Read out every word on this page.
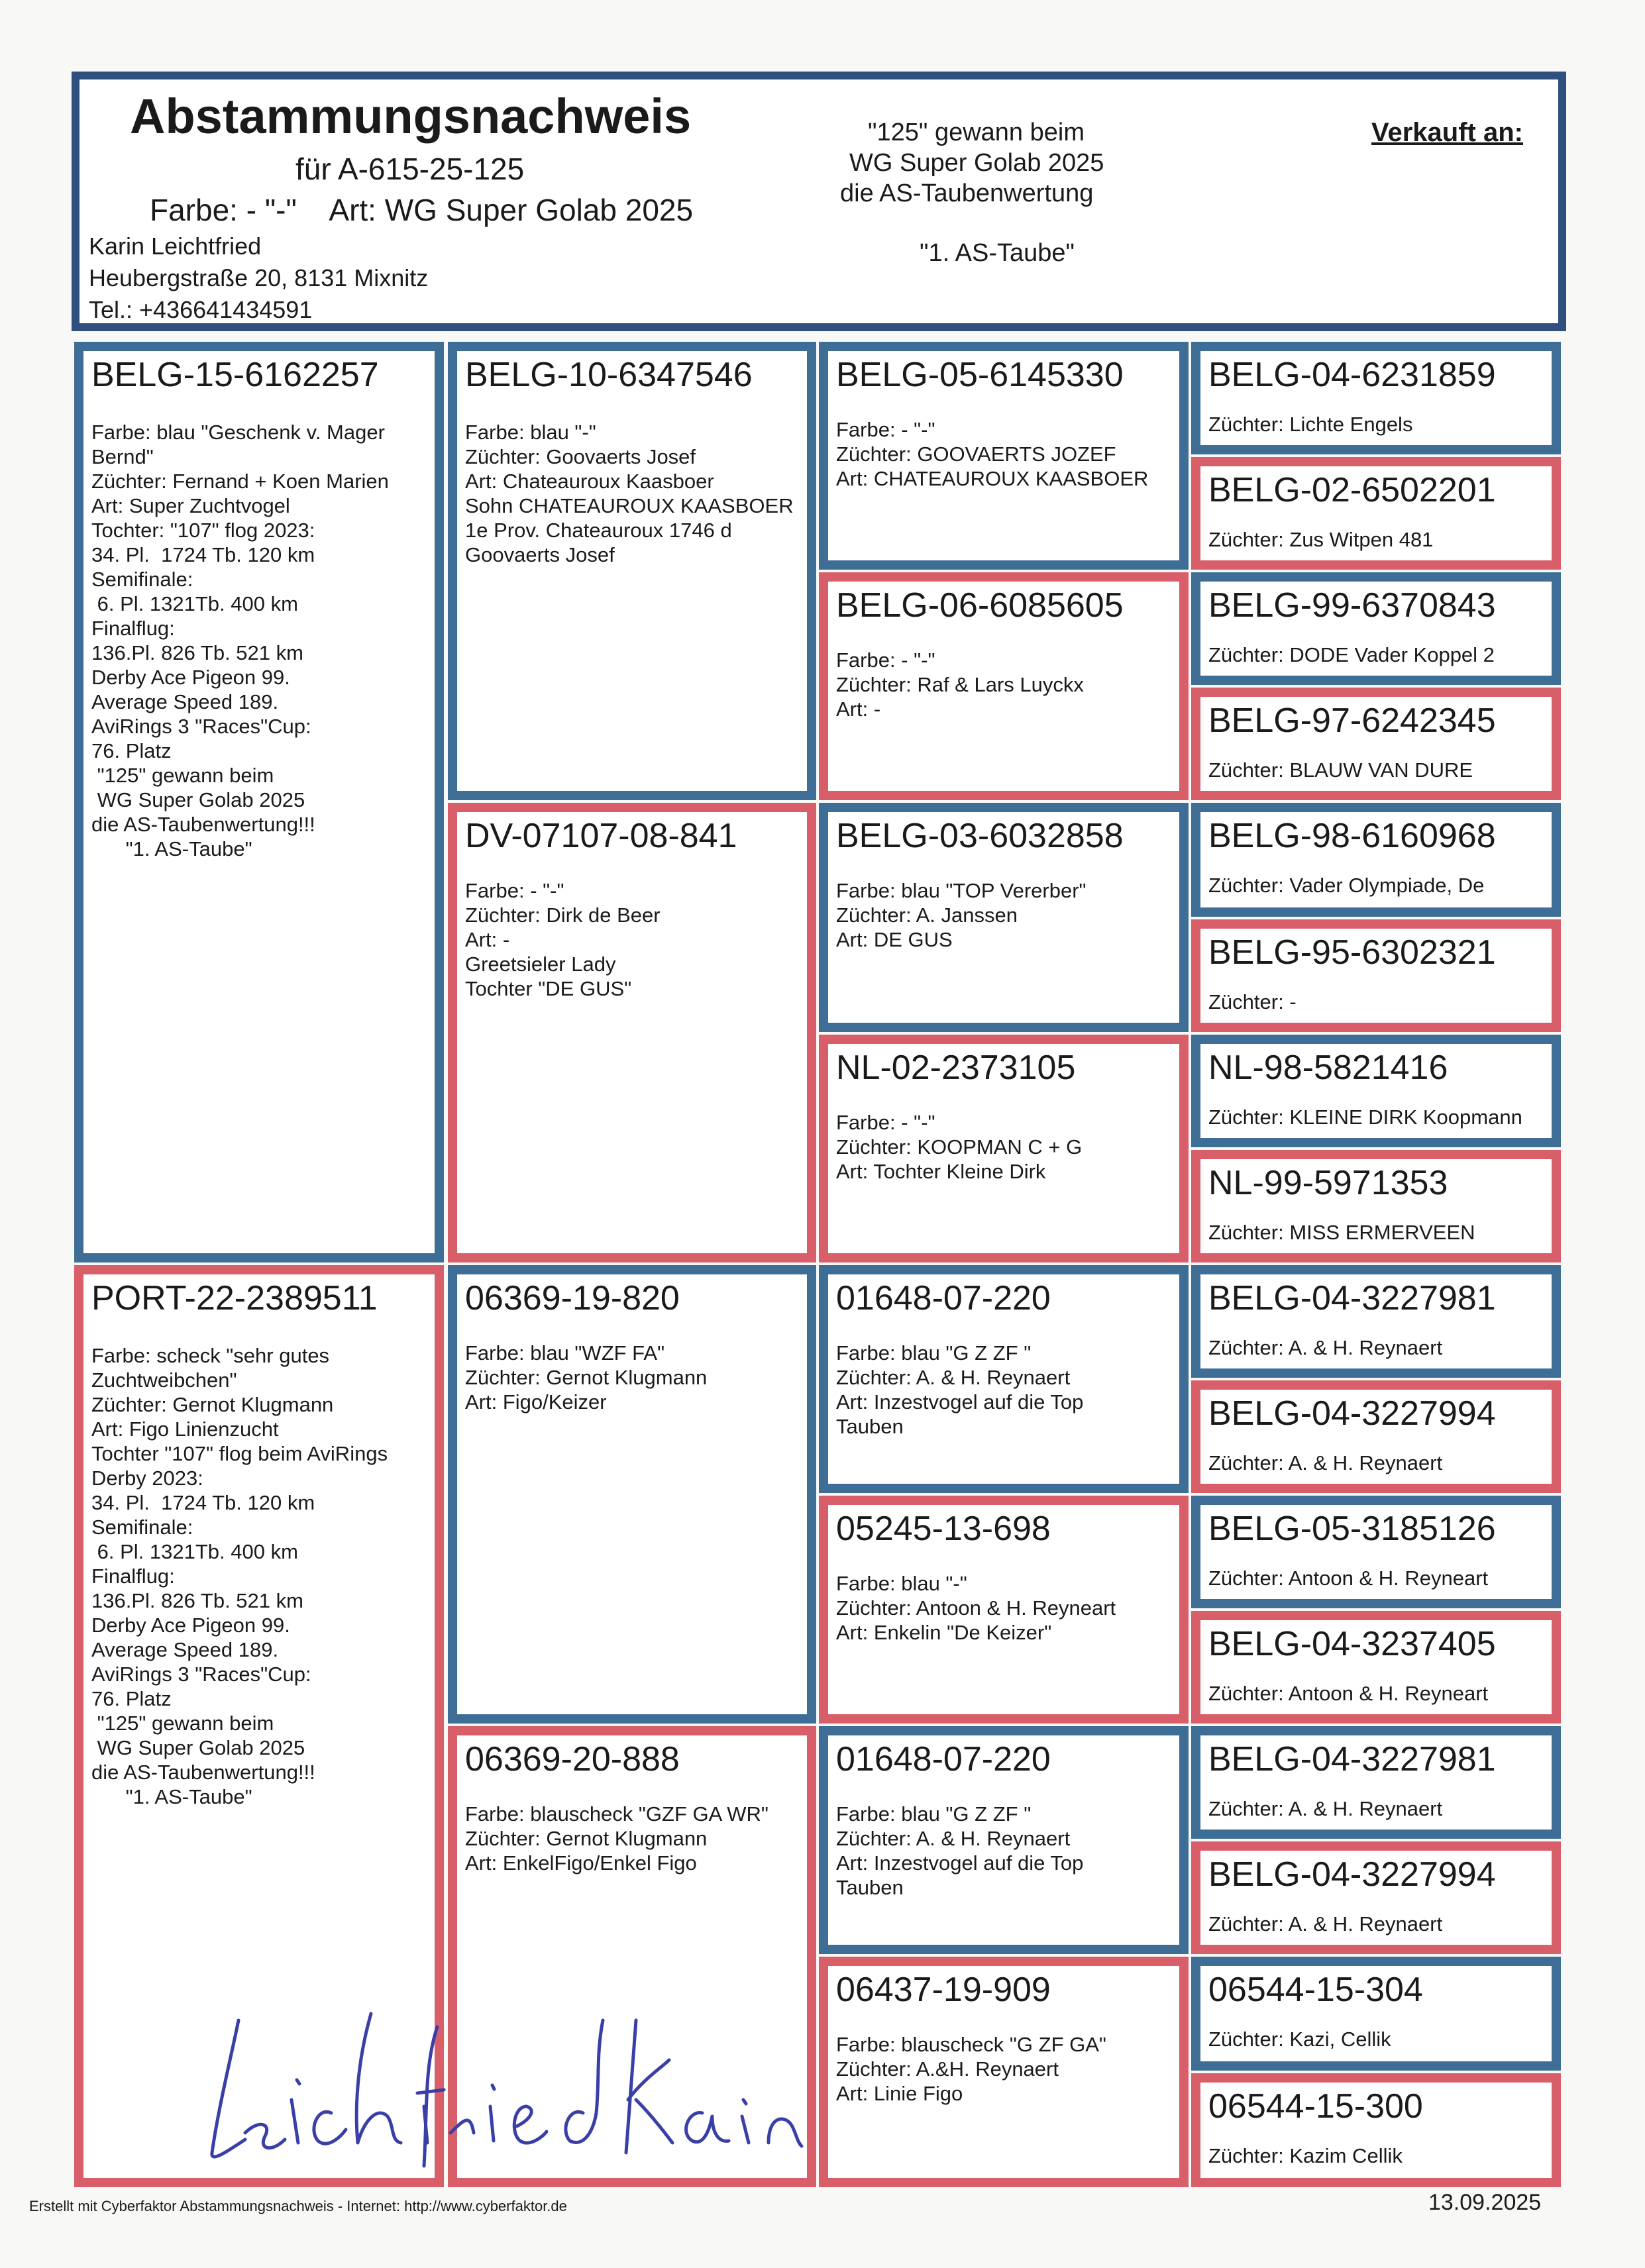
Abstammungsnachweis
für A-615-25-125
Farbe: - "-"    Art: WG Super Golab 2025
Karin Leichtfried
Heubergstraße 20, 8131 Mixnitz
Tel.: +436641434591
"125" gewann beim
WG Super Golab 2025
die AS-Taubenwertung
"1. AS-Taube"
Verkauft an:
BELG-15-6162257
Farbe: blau "Geschenk v. Mager
Bernd"
Züchter: Fernand + Koen Marien
Art: Super Zuchtvogel
Tochter: "107" flog 2023:
34. Pl.  1724 Tb. 120 km
Semifinale:
6. Pl. 1321Tb. 400 km
Finalflug:
136.Pl. 826 Tb. 521 km
Derby Ace Pigeon 99.
Average Speed 189.
AviRings 3 "Races"Cup:
76. Platz
"125" gewann beim
WG Super Golab 2025
die AS-Taubenwertung!!!
"1. AS-Taube"
PORT-22-2389511
Farbe: scheck "sehr gutes
Zuchtweibchen"
Züchter: Gernot Klugmann
Art: Figo Linienzucht
Tochter "107" flog beim AviRings
Derby 2023:
34. Pl.  1724 Tb. 120 km
Semifinale:
6. Pl. 1321Tb. 400 km
Finalflug:
136.Pl. 826 Tb. 521 km
Derby Ace Pigeon 99.
Average Speed 189.
AviRings 3 "Races"Cup:
76. Platz
"125" gewann beim
WG Super Golab 2025
die AS-Taubenwertung!!!
"1. AS-Taube"
BELG-10-6347546
Farbe: blau "-"
Züchter: Goovaerts Josef
Art: Chateauroux Kaasboer
Sohn CHATEAUROUX KAASBOER
1e Prov. Chateauroux 1746 d
Goovaerts Josef
DV-07107-08-841
Farbe: - "-"
Züchter: Dirk de Beer
Art: -
Greetsieler Lady
Tochter "DE GUS"
06369-19-820
Farbe: blau "WZF FA"
Züchter: Gernot Klugmann
Art: Figo/Keizer
06369-20-888
Farbe: blauscheck "GZF GA WR"
Züchter: Gernot Klugmann
Art: EnkelFigo/Enkel Figo
BELG-05-6145330
Farbe: - "-"
Züchter: GOOVAERTS JOZEF
Art: CHATEAUROUX KAASBOER
BELG-06-6085605
Farbe: - "-"
Züchter: Raf & Lars Luyckx
Art: -
BELG-03-6032858
Farbe: blau "TOP Vererber"
Züchter: A. Janssen
Art: DE GUS
NL-02-2373105
Farbe: - "-"
Züchter: KOOPMAN C + G
Art: Tochter Kleine Dirk
01648-07-220
Farbe: blau "G Z ZF "
Züchter: A. & H. Reynaert
Art: Inzestvogel auf die Top
Tauben
05245-13-698
Farbe: blau "-"
Züchter: Antoon & H. Reyneart
Art: Enkelin "De Keizer"
01648-07-220
Farbe: blau "G Z ZF "
Züchter: A. & H. Reynaert
Art: Inzestvogel auf die Top
Tauben
06437-19-909
Farbe: blauscheck "G ZF GA"
Züchter: A.&H. Reynaert
Art: Linie Figo
BELG-04-6231859
Züchter: Lichte Engels
BELG-02-6502201
Züchter: Zus Witpen 481
BELG-99-6370843
Züchter: DODE Vader Koppel 2
BELG-97-6242345
Züchter: BLAUW VAN DURE
BELG-98-6160968
Züchter: Vader Olympiade, De
BELG-95-6302321
Züchter: -
NL-98-5821416
Züchter: KLEINE DIRK Koopmann
NL-99-5971353
Züchter: MISS ERMERVEEN
BELG-04-3227981
Züchter: A. & H. Reynaert
BELG-04-3227994
Züchter: A. & H. Reynaert
BELG-05-3185126
Züchter: Antoon & H. Reyneart
BELG-04-3237405
Züchter: Antoon & H. Reyneart
BELG-04-3227981
Züchter: A. & H. Reynaert
BELG-04-3227994
Züchter: A. & H. Reynaert
06544-15-304
Züchter: Kazi, Cellik
06544-15-300
Züchter: Kazim Cellik
Erstellt mit Cyberfaktor Abstammungsnachweis - Internet: http://www.cyberfaktor.de	13.09.2025
